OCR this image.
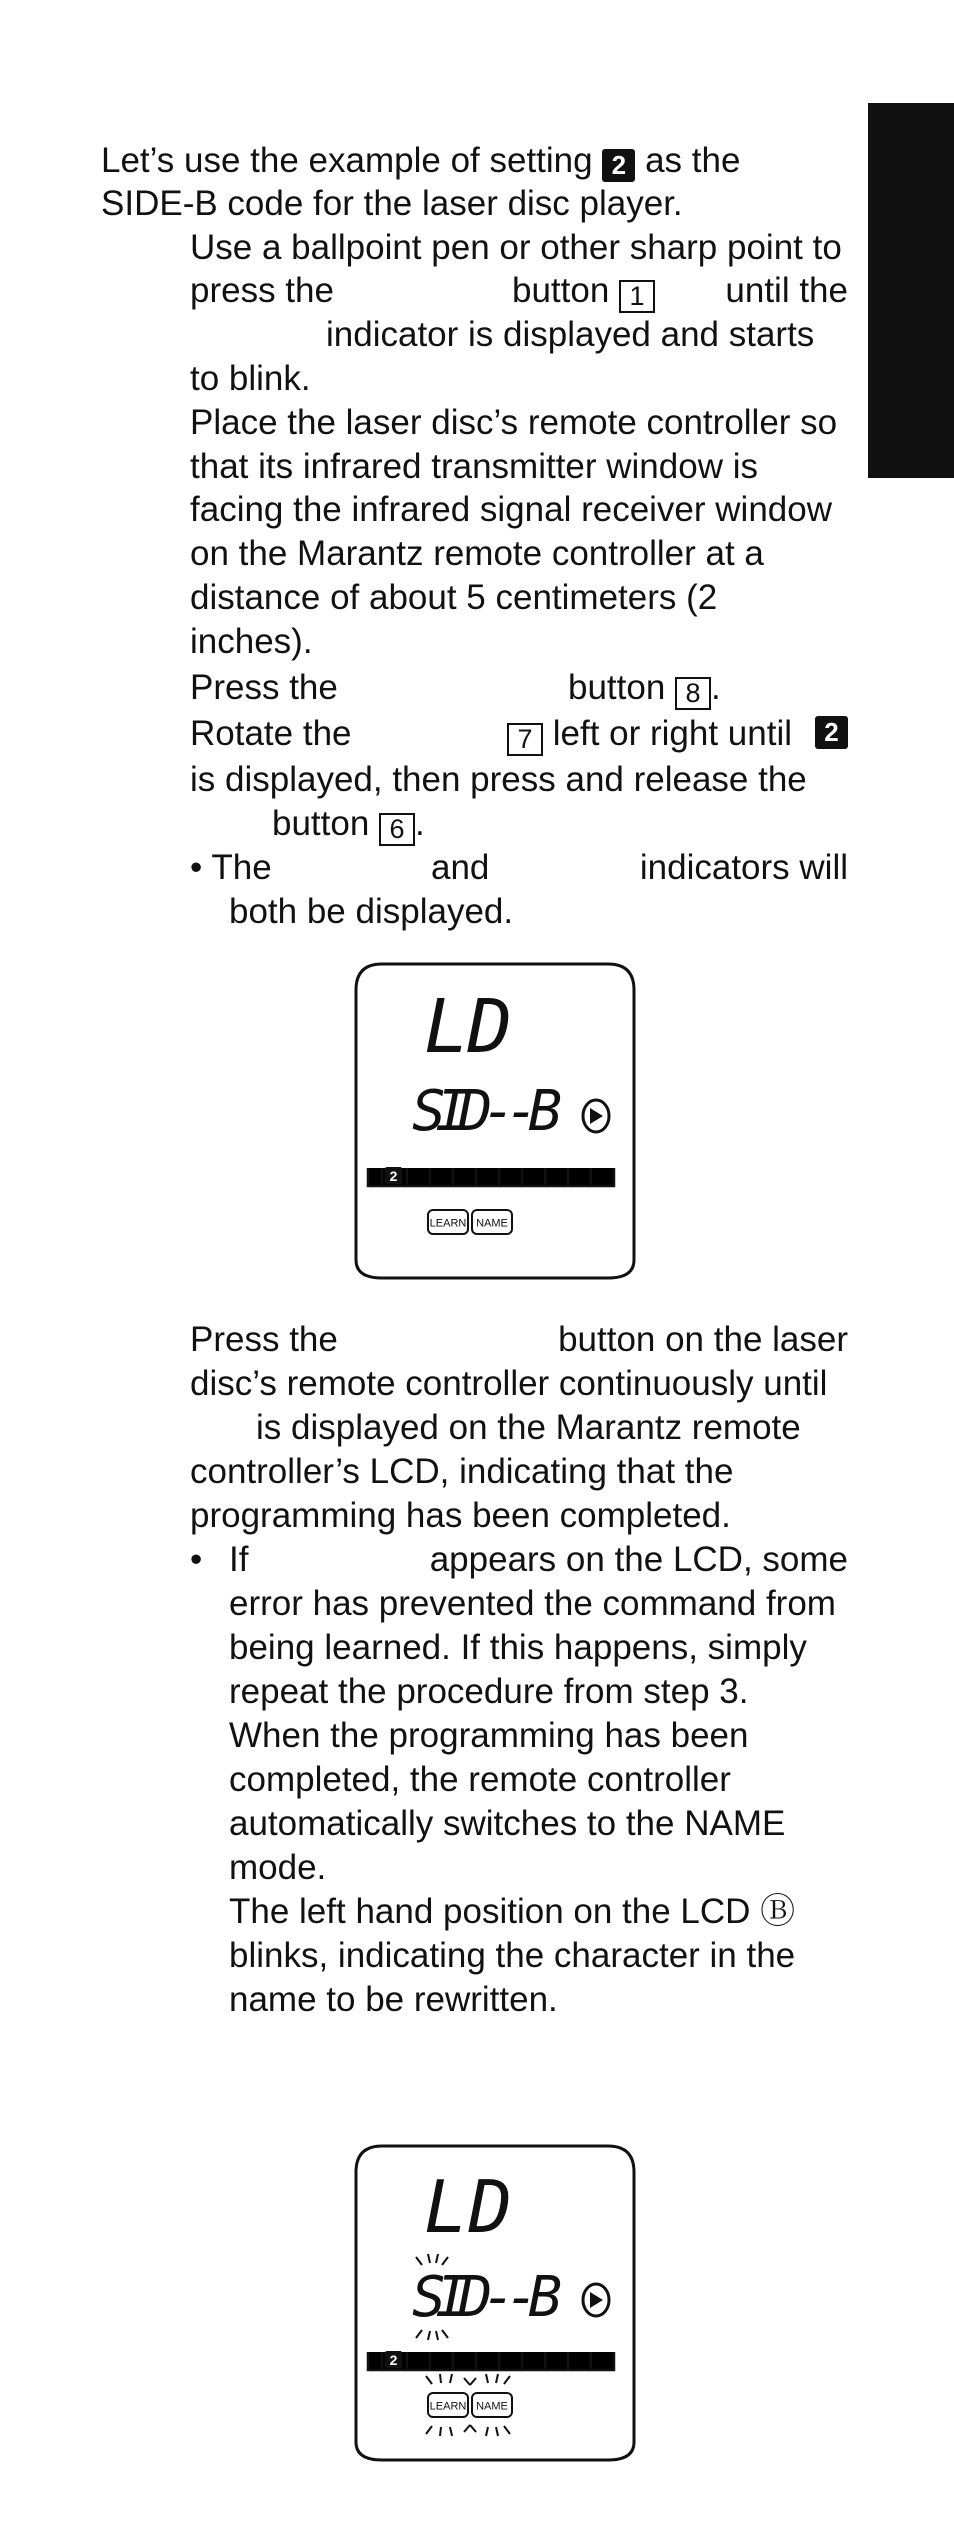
Let’s use the example of setting 2 as the
SIDE-B code for the laser disc player.
Use a ballpoint pen or other sharp point to
press the	button 1 until the
indicator is displayed and starts
to blink.
Place the laser disc’s remote controller so
that its infrared transmitter window is
facing the infrared signal receiver window
on the Marantz remote controller at a
distance of about 5 centimeters (2
inches).
Press the	button 8 .
Rotate the	7 left or right until	2
is displayed, then press and release the
button 6 .
• The	and	indicators will
both be displayed.
LD
SID--B
2
LEARN NAME
Press the	button on the laser
disc’s remote controller continuously until
is displayed on the Marantz remote
controller’s LCD, indicating that the
programming has been completed.
• If	appears on the LCD, some
error has prevented the command from
being learned. If this happens, simply
repeat the procedure from step 3.
When the programming has been
completed, the remote controller
automatically switches to the NAME
mode.
The left hand position on the LCD Ⓑ
blinks, indicating the character in the
name to be rewritten.
LD
SID--B
2
LEARN NAME
